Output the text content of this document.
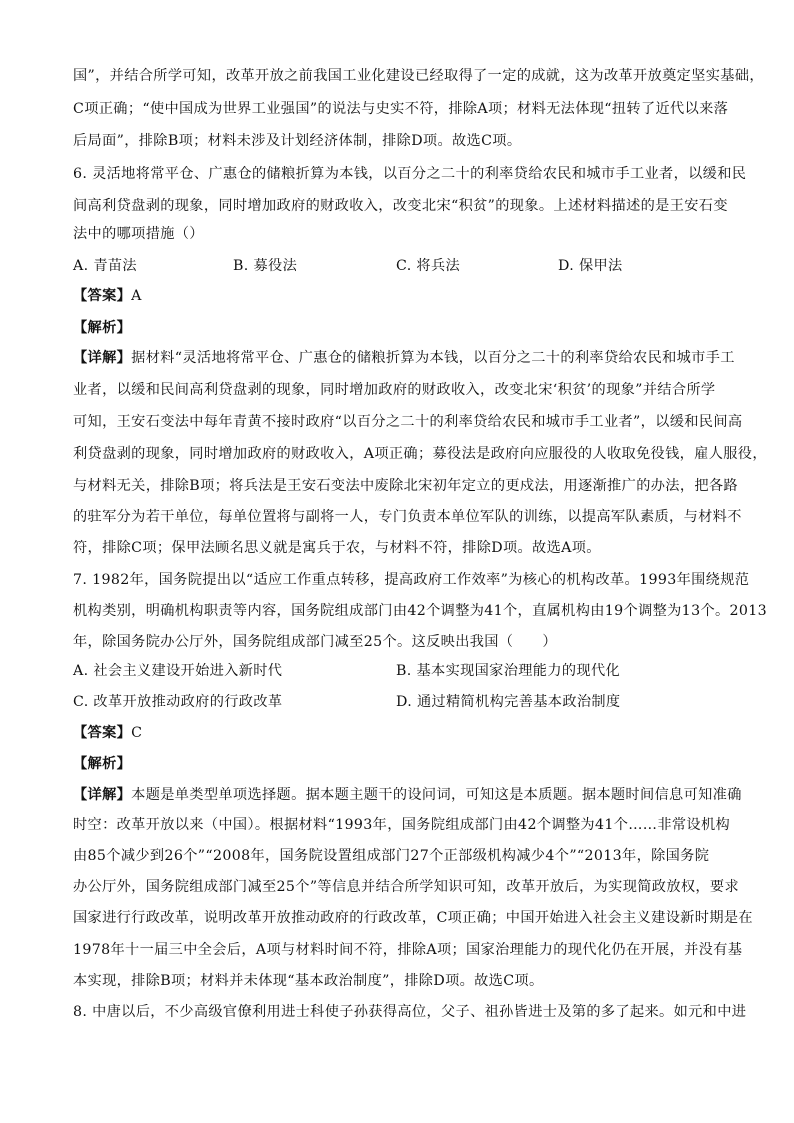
国”，并结合所学可知，改革开放之前我国工业化建设已经取得了一定的成就，这为改革开放奠定坚实基础，
C项正确；“使中国成为世界工业强国”的说法与史实不符，排除A项；材料无法体现“扭转了近代以来落
后局面”，排除B项；材料未涉及计划经济体制，排除D项。故选C项。
6. 灵活地将常平仓、广惠仓的储粮折算为本钱，以百分之二十的利率贷给农民和城市手工业者，以缓和民
间高利贷盘剥的现象，同时增加政府的财政收入，改变北宋“积贫”的现象。上述材料描述的是王安石变
法中的哪项措施（）
A. 青苗法	B. 募役法	C. 将兵法	D. 保甲法
【答案】A
【解析】
【详解】据材料“灵活地将常平仓、广惠仓的储粮折算为本钱，以百分之二十的利率贷给农民和城市手工
业者，以缓和民间高利贷盘剥的现象，同时增加政府的财政收入，改变北宋‘积贫’的现象”并结合所学
可知，王安石变法中每年青黄不接时政府“以百分之二十的利率贷给农民和城市手工业者”，以缓和民间高
利贷盘剥的现象，同时增加政府的财政收入，A项正确；募役法是政府向应服役的人收取免役钱，雇人服役，
与材料无关，排除B项；将兵法是王安石变法中废除北宋初年定立的更戍法，用逐渐推广的办法，把各路
的驻军分为若干单位，每单位置将与副将一人，专门负责本单位军队的训练，以提高军队素质，与材料不
符，排除C项；保甲法顾名思义就是寓兵于农，与材料不符，排除D项。故选A项。
7. 1982年，国务院提出以“适应工作重点转移，提高政府工作效率”为核心的机构改革。1993年围绕规范
机构类别，明确机构职责等内容，国务院组成部门由42个调整为41个，直属机构由19个调整为13个。2013
年，除国务院办公厅外，国务院组成部门减至25个。这反映出我国（　　）
A. 社会主义建设开始进入新时代	B. 基本实现国家治理能力的现代化
C. 改革开放推动政府的行政改革	D. 通过精简机构完善基本政治制度
【答案】C
【解析】
【详解】本题是单类型单项选择题。据本题主题干的设问词，可知这是本质题。据本题时间信息可知准确
时空：改革开放以来（中国）。根据材料“1993年，国务院组成部门由42个调整为41个……非常设机构
由85个减少到26个”“2008年，国务院设置组成部门27个正部级机构减少4个”“2013年，除国务院
办公厅外，国务院组成部门减至25个”等信息并结合所学知识可知，改革开放后，为实现简政放权，要求
国家进行行政改革，说明改革开放推动政府的行政改革，C项正确；中国开始进入社会主义建设新时期是在
1978年十一届三中全会后，A项与材料时间不符，排除A项；国家治理能力的现代化仍在开展，并没有基
本实现，排除B项；材料并未体现“基本政治制度”，排除D项。故选C项。
8. 中唐以后，不少高级官僚利用进士科使子孙获得高位，父子、祖孙皆进士及第的多了起来。如元和中进
